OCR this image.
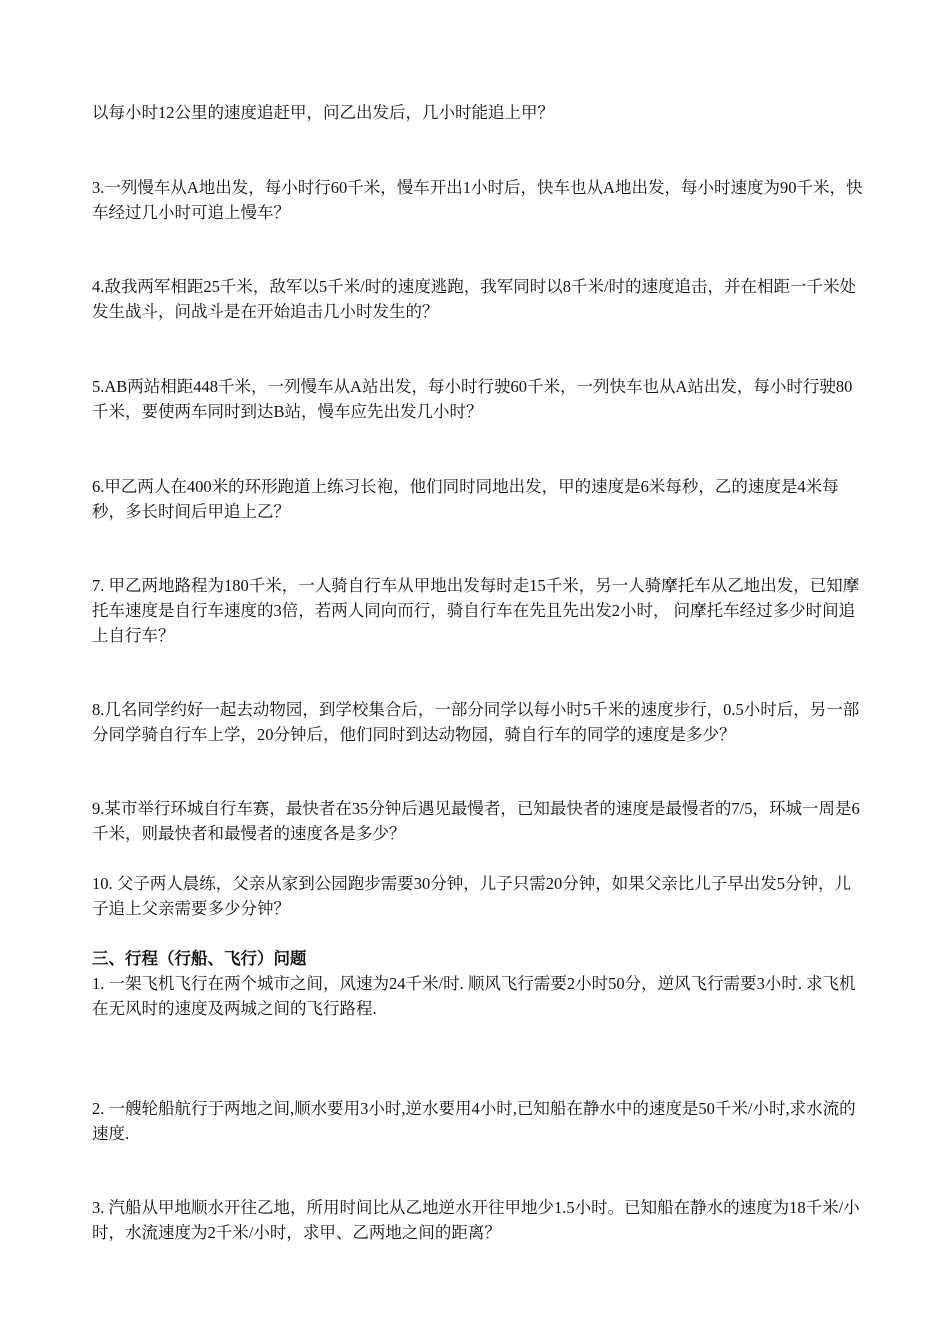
以每小时12公里的速度追赶甲，问乙出发后，几小时能追上甲？

3.一列慢车从A地出发，每小时行60千米，慢车开出1小时后，快车也从A地出发，每小时速度为90千米，快车经过几小时可追上慢车？

4.敌我两军相距25千米，敌军以5千米/时的速度逃跑，我军同时以8千米/时的速度追击，并在相距一千米处发生战斗，问战斗是在开始追击几小时发生的？

5.AB两站相距448千米，一列慢车从A站出发，每小时行驶60千米，一列快车也从A站出发，每小时行驶80千米，要使两车同时到达B站，慢车应先出发几小时？

6.甲乙两人在400米的环形跑道上练习长袍，他们同时同地出发，甲的速度是6米每秒，乙的速度是4米每秒，多长时间后甲追上乙？

7. 甲乙两地路程为180千米，一人骑自行车从甲地出发每时走15千米，另一人骑摩托车从乙地出发，已知摩托车速度是自行车速度的3倍，若两人同向而行，骑自行车在先且先出发2小时， 问摩托车经过多少时间追上自行车？

8.几名同学约好一起去动物园，到学校集合后，一部分同学以每小时5千米的速度步行，0.5小时后，另一部分同学骑自行车上学，20分钟后，他们同时到达动物园，骑自行车的同学的速度是多少？

9.某市举行环城自行车赛，最快者在35分钟后遇见最慢者，已知最快者的速度是最慢者的7/5，环城一周是6千米，则最快者和最慢者的速度各是多少？

10. 父子两人晨练，父亲从家到公园跑步需要30分钟，儿子只需20分钟，如果父亲比儿子早出发5分钟，儿子追上父亲需要多少分钟？

三、行程（行船、飞行）问题

1. 一架飞机飞行在两个城市之间，风速为24千米/时. 顺风飞行需要2小时50分，逆风飞行需要3小时. 求飞机在无风时的速度及两城之间的飞行路程.

2. 一艘轮船航行于两地之间,顺水要用3小时,逆水要用4小时,已知船在静水中的速度是50千米/小时,求水流的速度.

3. 汽船从甲地顺水开往乙地，所用时间比从乙地逆水开往甲地少1.5小时。已知船在静水的速度为18千米/小时，水流速度为2千米/小时，求甲、乙两地之间的距离？
